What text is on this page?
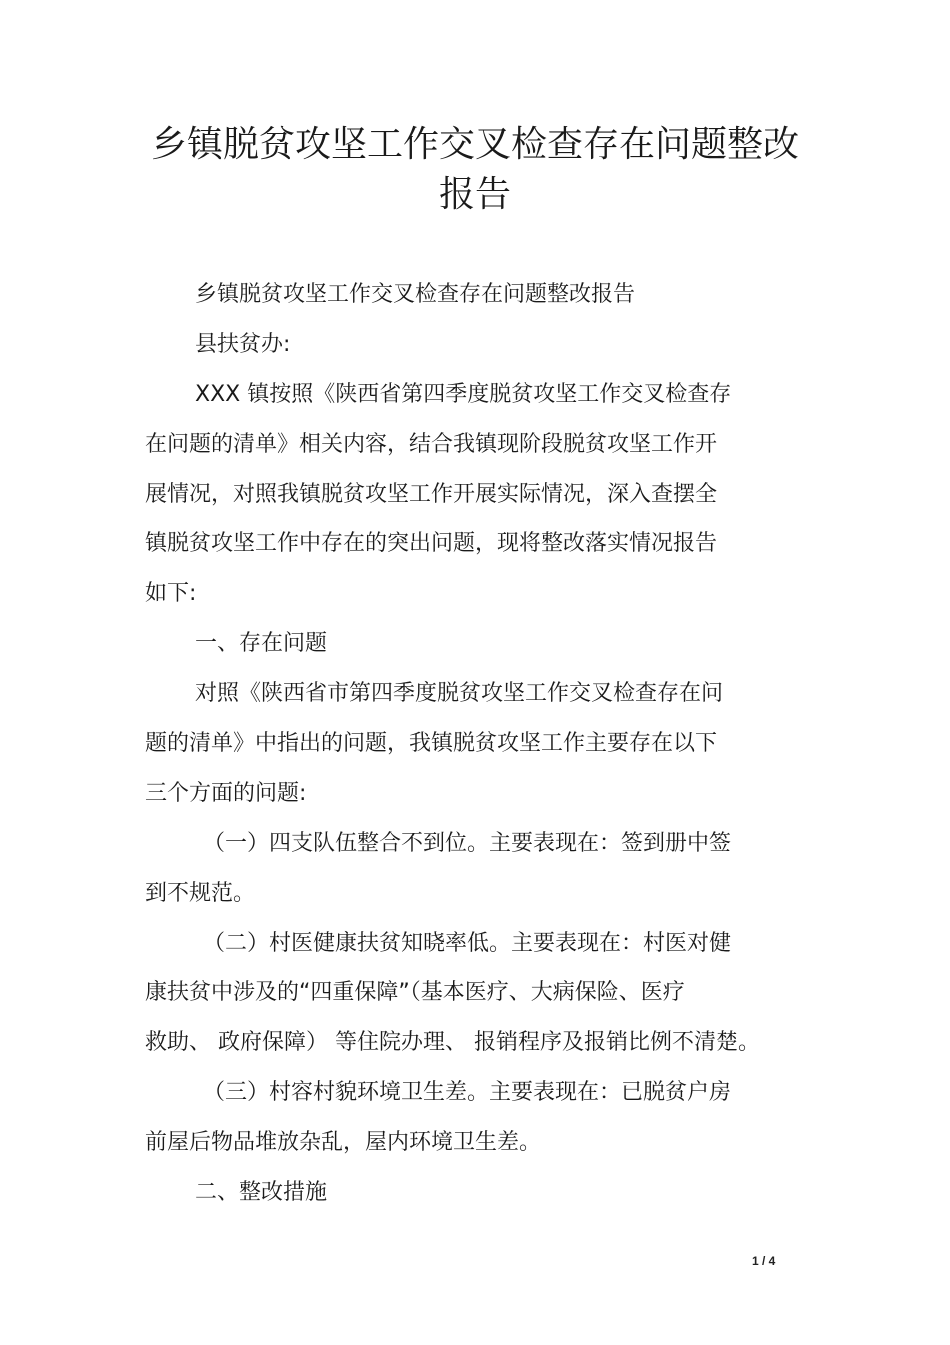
乡镇脱贫攻坚工作交叉检查存在问题整改
报告
乡镇脱贫攻坚工作交叉检查存在问题整改报告
县扶贫办:
XXX 镇按照《陕西省第四季度脱贫攻坚工作交叉检查存
在问题的清单》相关内容，结合我镇现阶段脱贫攻坚工作开
展情况，对照我镇脱贫攻坚工作开展实际情况，深入查摆全
镇脱贫攻坚工作中存在的突出问题，现将整改落实情况报告
如下:
一、存在问题
对照《陕西省市第四季度脱贫攻坚工作交叉检查存在问
题的清单》中指出的问题，我镇脱贫攻坚工作主要存在以下
三个方面的问题:
（一）四支队伍整合不到位。主要表现在：签到册中签
到不规范。
（二）村医健康扶贫知晓率低。主要表现在：村医对健
康扶贫中涉及的“四重保障”（基本医疗、大病保险、医疗
救助、 政府保障） 等住院办理、 报销程序及报销比例不清楚。
（三）村容村貌环境卫生差。主要表现在：已脱贫户房
前屋后物品堆放杂乱，屋内环境卫生差。
二、整改措施
1 / 4
